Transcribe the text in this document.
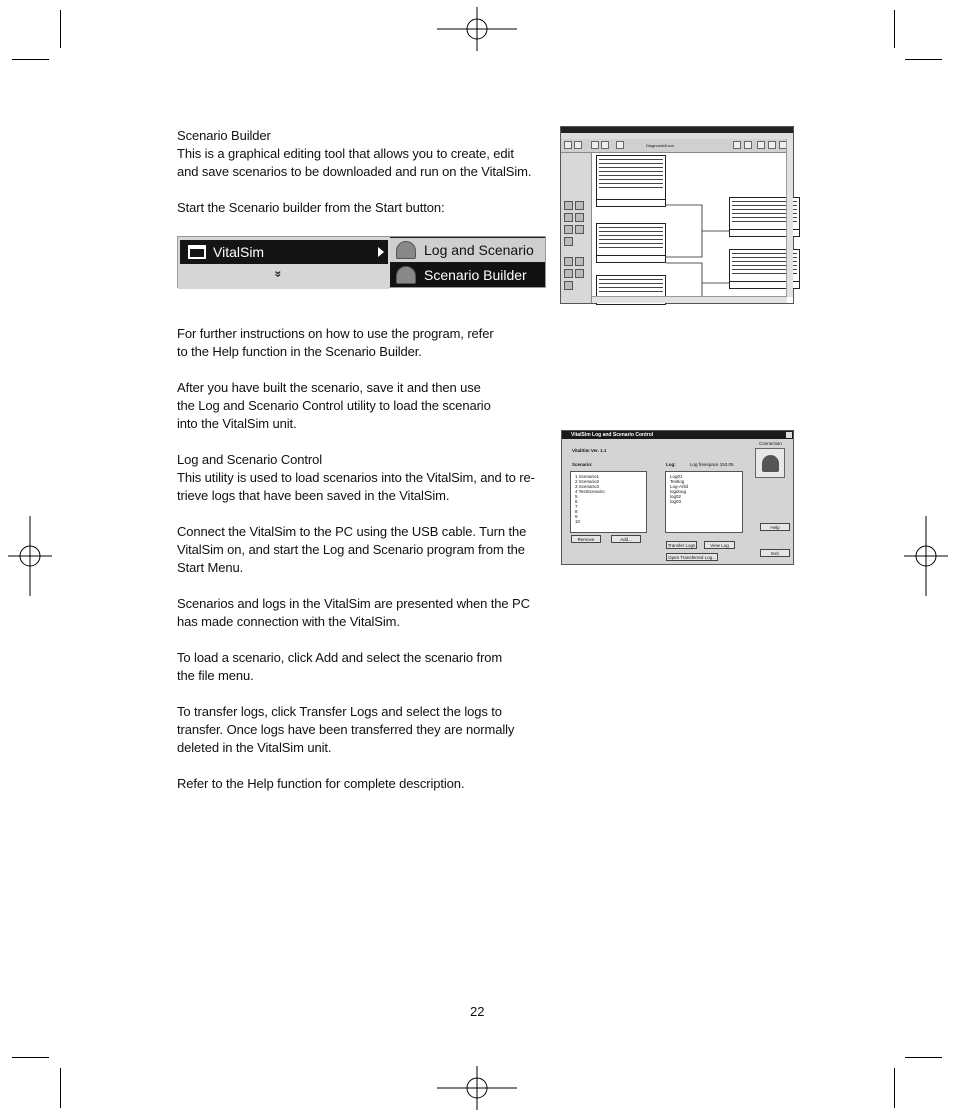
Scenario Builder

This is a graphical editing tool that allows you to create, edit
and save scenarios to be downloaded and run on the VitalSim.

Start the Scenario builder from the Start button:

For further instructions on how to use the program, refer
to the Help function in the Scenario Builder.

After you have built the scenario, save it and then use
the Log and Scenario Control utility to load the scenario
into the VitalSim unit.

Log and Scenario Control

This utility is used to load scenarios into the VitalSim, and to re-
trieve logs that have been saved in the VitalSim.

Connect the VitalSim to the PC using the USB cable. Turn the
VitalSim on, and start the Log and Scenario program from the
Start Menu.

Scenarios and logs in the VitalSim are presented when the PC
has made connection with the VitalSim.

To load a scenario, click Add and select the scenario from
the file menu.

To transfer logs, click Transfer Logs and select the logs to
transfer. Once logs have been transferred they are normally
deleted in the VitalSim unit.

Refer to the Help function for complete description.

VitalSim
»
Log and Scenario
Scenario Builder
Diagnostic8.scn
VitalSim Log and Scenario Control
VitalSim Ver. 1.1
Scenario:	Log:	Log freespace 153.05
Connection
1 Scenario1
2 Scenario2
3 Scenario3
4 TestScenario
5
6
7
8
9
10
Log01
Testlog
Log-Arild
logdoug
log02
log03
Remove	Add...
Transfer Logs	View Log
Open Transferred Log...
Help
Exit
22
